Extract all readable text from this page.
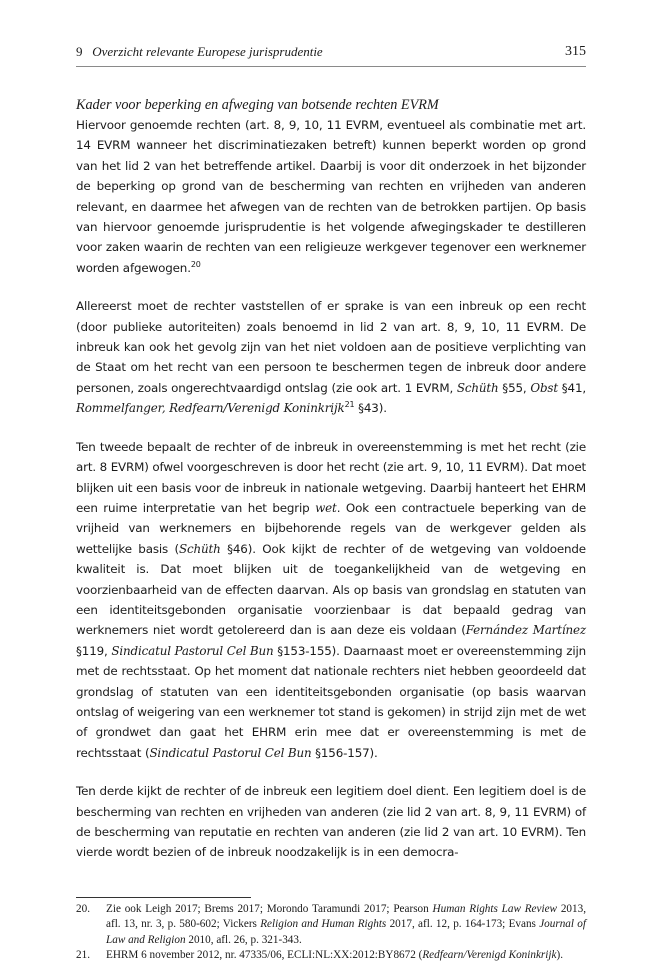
9 Overzicht relevante Europese jurisprudentie	315
Kader voor beperking en afweging van botsende rechten EVRM

Hiervoor genoemde rechten (art. 8, 9, 10, 11 EVRM, eventueel als combinatie met art. 14 EVRM wanneer het discriminatiezaken betreft) kunnen beperkt worden op grond van het lid 2 van het betreffende artikel. Daarbij is voor dit onderzoek in het bijzonder de beperking op grond van de bescherming van rechten en vrijheden van anderen relevant, en daarmee het afwegen van de rechten van de betrokken partijen. Op basis van hiervoor genoemde jurisprudentie is het volgende afwegingskader te destilleren voor zaken waarin de rechten van een religieuze werkgever tegenover een werknemer worden afgewogen.$^{20}$

Allereerst moet de rechter vaststellen of er sprake is van een inbreuk op een recht (door publieke autoriteiten) zoals benoemd in lid 2 van art. 8, 9, 10, 11 EVRM. De inbreuk kan ook het gevolg zijn van het niet voldoen aan de positieve verplichting van de Staat om het recht van een persoon te beschermen tegen de inbreuk door andere personen, zoals ongerechtvaardigd ontslag (zie ook art. 1 EVRM, Schüth §55, Obst §41, Rommelfanger, Redfearn/Verenigd Koninkrijk$^{21}$ §43).

Ten tweede bepaalt de rechter of de inbreuk in overeenstemming is met het recht (zie art. 8 EVRM) ofwel voorgeschreven is door het recht (zie art. 9, 10, 11 EVRM). Dat moet blijken uit een basis voor de inbreuk in nationale wetgeving. Daarbij hanteert het EHRM een ruime interpretatie van het begrip wet. Ook een contractuele beperking van de vrijheid van werknemers en bijbehorende regels van de werkgever gelden als wettelijke basis (Schüth §46). Ook kijkt de rechter of de wetgeving van voldoende kwaliteit is. Dat moet blijken uit de toegankelijkheid van de wetgeving en voorzienbaarheid van de effecten daarvan. Als op basis van grondslag en statuten van een identiteitsgebonden organisatie voorzienbaar is dat bepaald gedrag van werknemers niet wordt getolereerd dan is aan deze eis voldaan (Fernández Martínez §119, Sindicatul Pastorul Cel Bun §153-155). Daarnaast moet er overeenstemming zijn met de rechtsstaat. Op het moment dat nationale rechters niet hebben geoordeeld dat grondslag of statuten van een identiteitsgebonden organisatie (op basis waarvan ontslag of weigering van een werknemer tot stand is gekomen) in strijd zijn met de wet of grondwet dan gaat het EHRM erin mee dat er overeenstemming is met de rechtsstaat (Sindicatul Pastorul Cel Bun §156-157).

Ten derde kijkt de rechter of de inbreuk een legitiem doel dient. Een legitiem doel is de bescherming van rechten en vrijheden van anderen (zie lid 2 van art. 8, 9, 11 EVRM) of de bescherming van reputatie en rechten van anderen (zie lid 2 van art. 10 EVRM). Ten vierde wordt bezien of de inbreuk noodzakelijk is in een democra-

20. Zie ook Leigh 2017; Brems 2017; Morondo Taramundi 2017; Pearson Human Rights Law Review 2013, afl. 13, nr. 3, p. 580-602; Vickers Religion and Human Rights 2017, afl. 12, p. 164-173; Evans Journal of Law and Religion 2010, afl. 26, p. 321-343.
21. EHRM 6 november 2012, nr. 47335/06, ECLI:NL:XX:2012:BY8672 (Redfearn/Verenigd Koninkrijk).
